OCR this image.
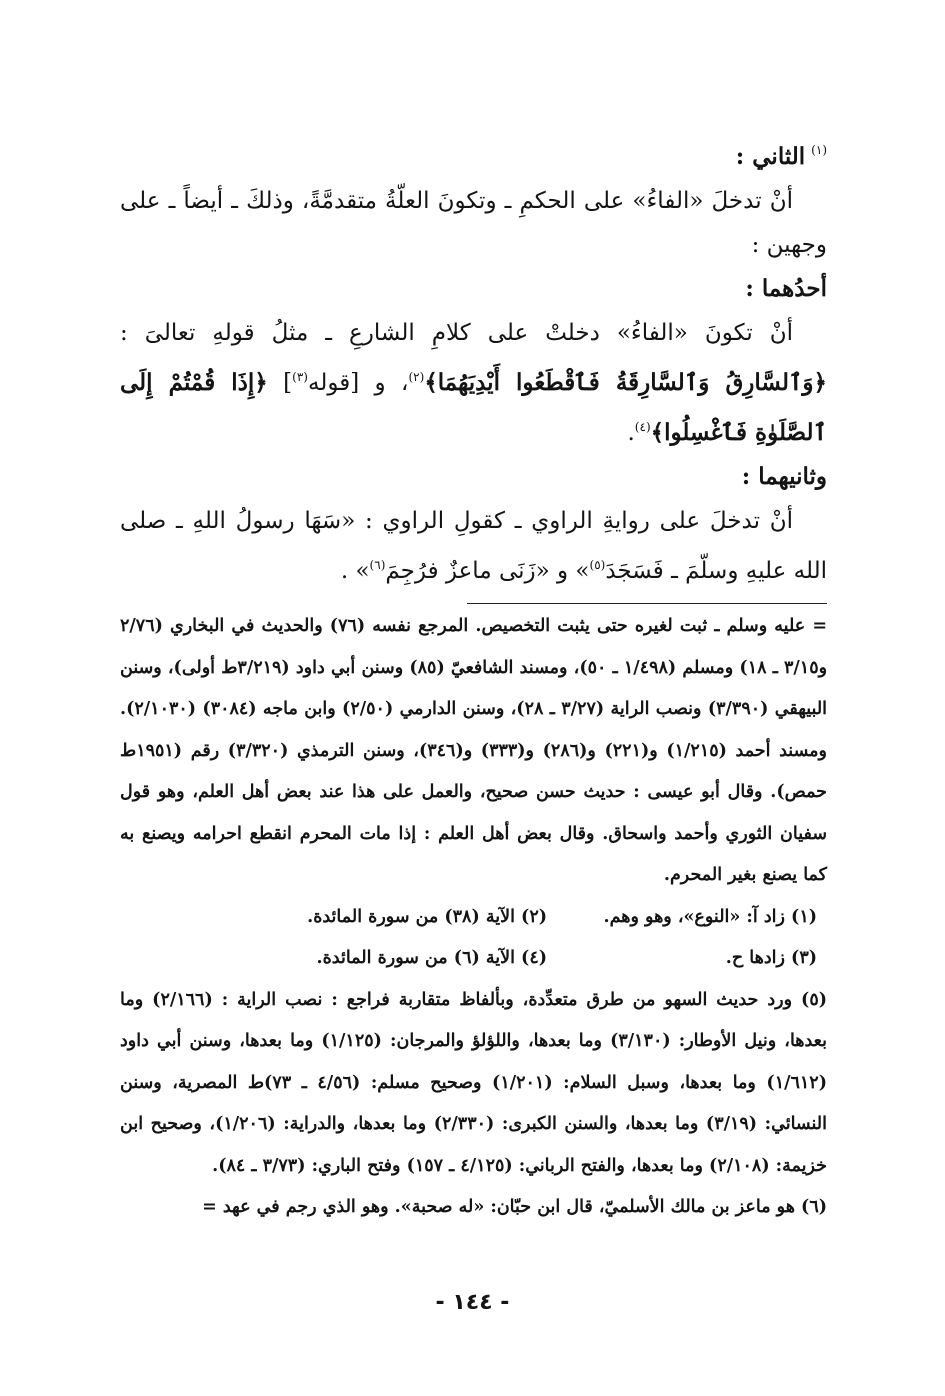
$^{(١)}$الثاني :

أنْ تدخلَ «الفاءُ» على الحكمِ ـ وتكونَ العلّةُ متقدمَّةً، وذلكَ ـ أيضاً ـ على وجهين :

أحدُهما :

أنْ تكونَ «الفاءُ» دخلتْ على كلامِ الشارعِ ـ مثلُ قولهِ تعالىَ : ﴿وَٱلسَّارِقُ وَٱلسَّارِقَةُ فَٱقْطَعُوا أَيْدِيَهُمَا﴾$^{(٢)}$، و [قوله$^{(٣)}$] ﴿إِذَا قُمْتُمْ إِلَى ٱلصَّلَوٰةِ فَٱغْسِلُوا﴾$^{(٤)}$.

وثانيهما :

أنْ تدخلَ على روايةِ الراوي ـ كقولِ الراوي : «سَهَا رسولُ اللهِ ـ صلى الله عليهِ وسلّمَ ـ فَسَجَدَ$^{(٥)}$» و «زَنَى ماعزٌ فرُجِمَ$^{(٦)}$» .

= عليه وسلم ـ ثبت لغيره حتى يثبت التخصيص. المرجع نفسه (٧٦) والحديث في البخاري (٢/٧٦ و٣/١٥ ـ ١٨) ومسلم (١/٤٩٨ ـ ٥٠)، ومسند الشافعيّ (٨٥) وسنن أبي داود (٣/٢١٩ط أولى)، وسنن البيهقي (٣/٣٩٠) ونصب الراية (٣/٢٧ ـ ٢٨)، وسنن الدارمي (٢/٥٠) وابن ماجه (٣٠٨٤) (٢/١٠٣٠). ومسند أحمد (١/٢١٥) و(٢٢١) و(٢٨٦) و(٣٣٣) و(٣٤٦)، وسنن الترمذي (٣/٣٢٠) رقم (١٩٥١ط حمص). وقال أبو عيسى : حديث حسن صحيح، والعمل على هذا عند بعض أهل العلم، وهو قول سفيان الثوري وأحمد واسحاق. وقال بعض أهل العلم : إذا مات المحرم انقطع احرامه ويصنع به كما يصنع بغير المحرم.

(١) زاد آ: «النوع»، وهو وهم.
(٢) الآية (٣٨) من سورة المائدة.
(٣) زادها ح.
(٤) الآية (٦) من سورة المائدة.

(٥) ورد حديث السهو من طرق متعدِّدة، وبألفاظ متقاربة فراجع : نصب الراية : (٢/١٦٦) وما بعدها، ونيل الأوطار: (٣/١٣٠) وما بعدها، واللؤلؤ والمرجان: (١/١٢٥) وما بعدها، وسنن أبي داود (١/٦١٢) وما بعدها، وسبل السلام: (١/٢٠١) وصحيح مسلم: (٤/٥٦ ـ ٧٣)ط المصرية، وسنن النسائي: (٣/١٩) وما بعدها، والسنن الكبرى: (٢/٣٣٠) وما بعدها، والدراية: (١/٢٠٦)، وصحيح ابن خزيمة: (٢/١٠٨) وما بعدها، والفتح الرباني: (٤/١٢٥ ـ ١٥٧) وفتح الباري: (٣/٧٣ ـ ٨٤).

(٦) هو ماعز بن مالك الأسلميّ، قال ابن حبّان: «له صحبة». وهو الذي رجم في عهد =

- ١٤٤ -
